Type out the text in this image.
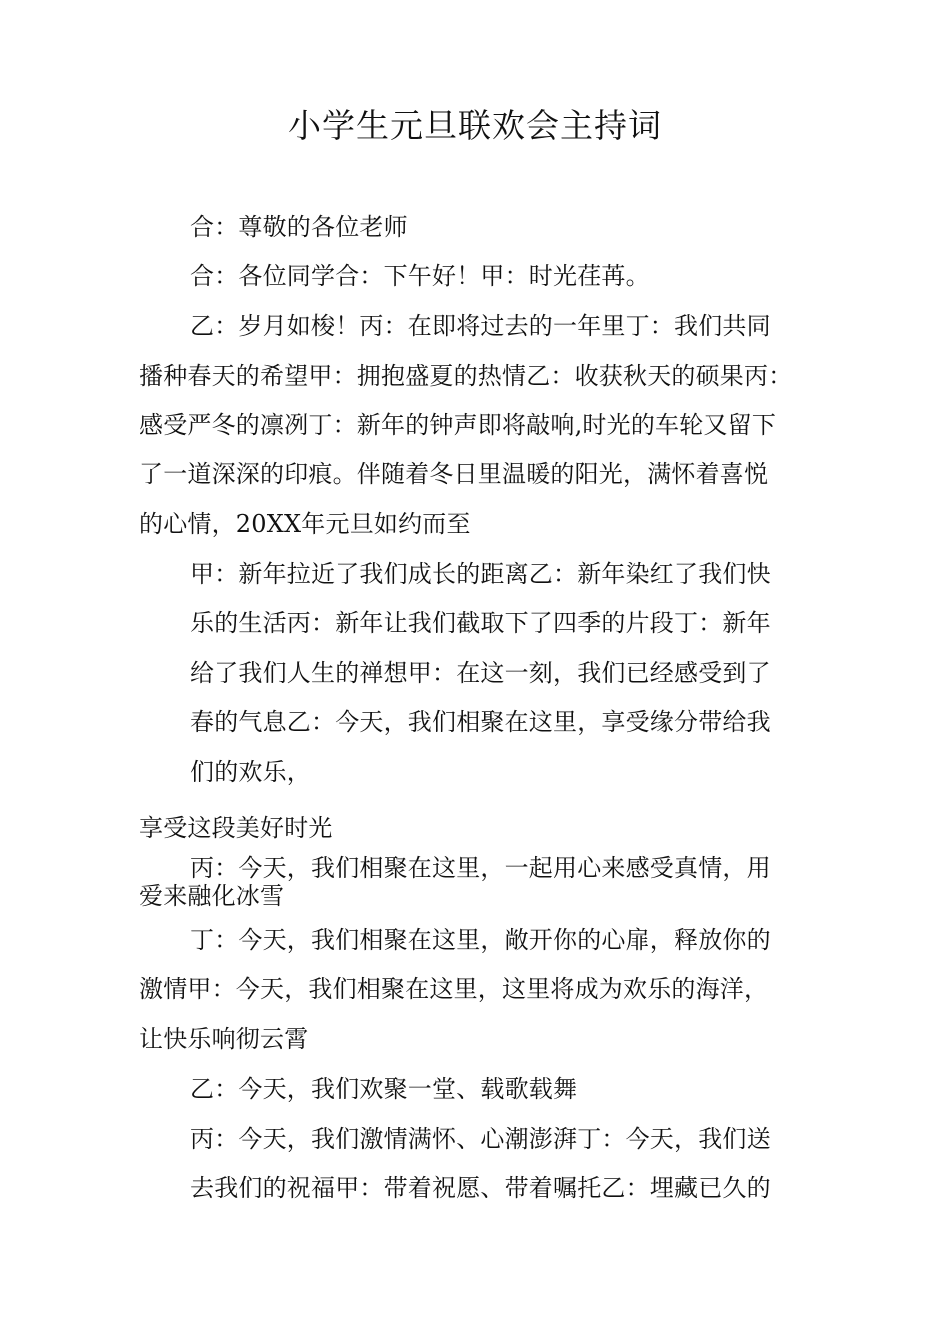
小学生元旦联欢会主持词
合：尊敬的各位老师
合：各位同学合：下午好！甲：时光荏苒。
乙：岁月如梭！丙：在即将过去的一年里丁：我们共同
播种春天的希望甲：拥抱盛夏的热情乙：收获秋天的硕果丙：
感受严冬的凛冽丁：新年的钟声即将敲响,时光的车轮又留下
了一道深深的印痕。伴随着冬日里温暖的阳光，满怀着喜悦
的心情，20XX年元旦如约而至
甲：新年拉近了我们成长的距离乙：新年染红了我们快
乐的生活丙：新年让我们截取下了四季的片段丁：新年
给了我们人生的禅想甲：在这一刻，我们已经感受到了
春的气息乙：今天，我们相聚在这里，享受缘分带给我
们的欢乐，
享受这段美好时光
丙：今天，我们相聚在这里，一起用心来感受真情，用
爱来融化冰雪
丁：今天，我们相聚在这里，敞开你的心扉，释放你的
激情甲：今天，我们相聚在这里，这里将成为欢乐的海洋，
让快乐响彻云霄
乙：今天，我们欢聚一堂、载歌载舞
丙：今天，我们激情满怀、心潮澎湃丁：今天，我们送
去我们的祝福甲：带着祝愿、带着嘱托乙：埋藏已久的
